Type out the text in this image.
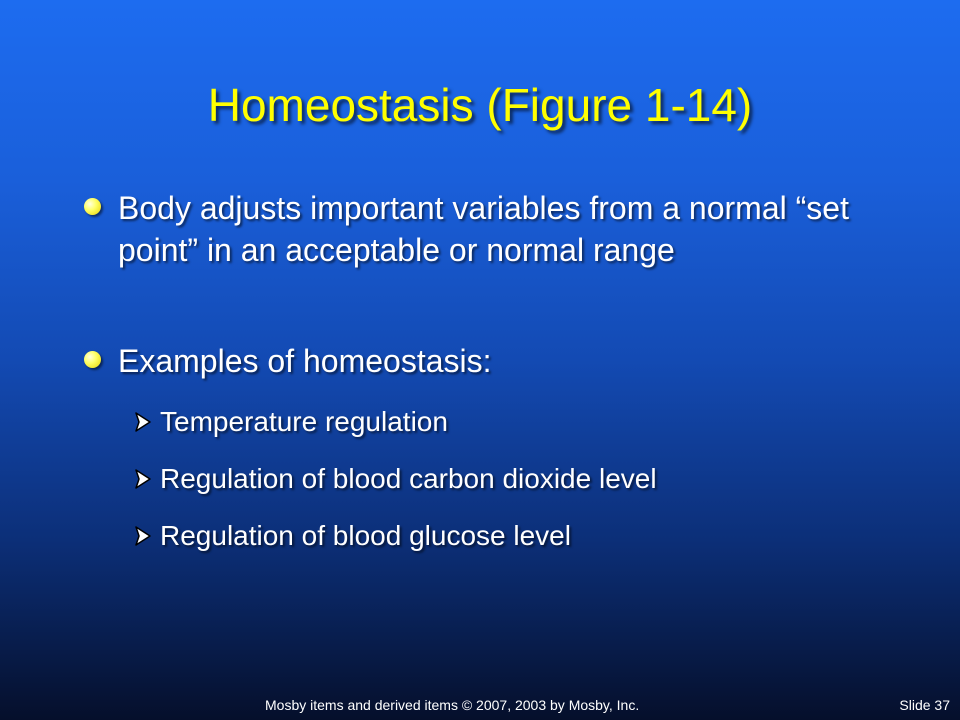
Homeostasis (Figure 1-14)
Body adjusts important variables from a normal “set point” in an acceptable or normal range
Examples of homeostasis:
Temperature regulation
Regulation of blood carbon dioxide level
Regulation of blood glucose level
Mosby items and derived items © 2007, 2003 by Mosby, Inc.	Slide 37
